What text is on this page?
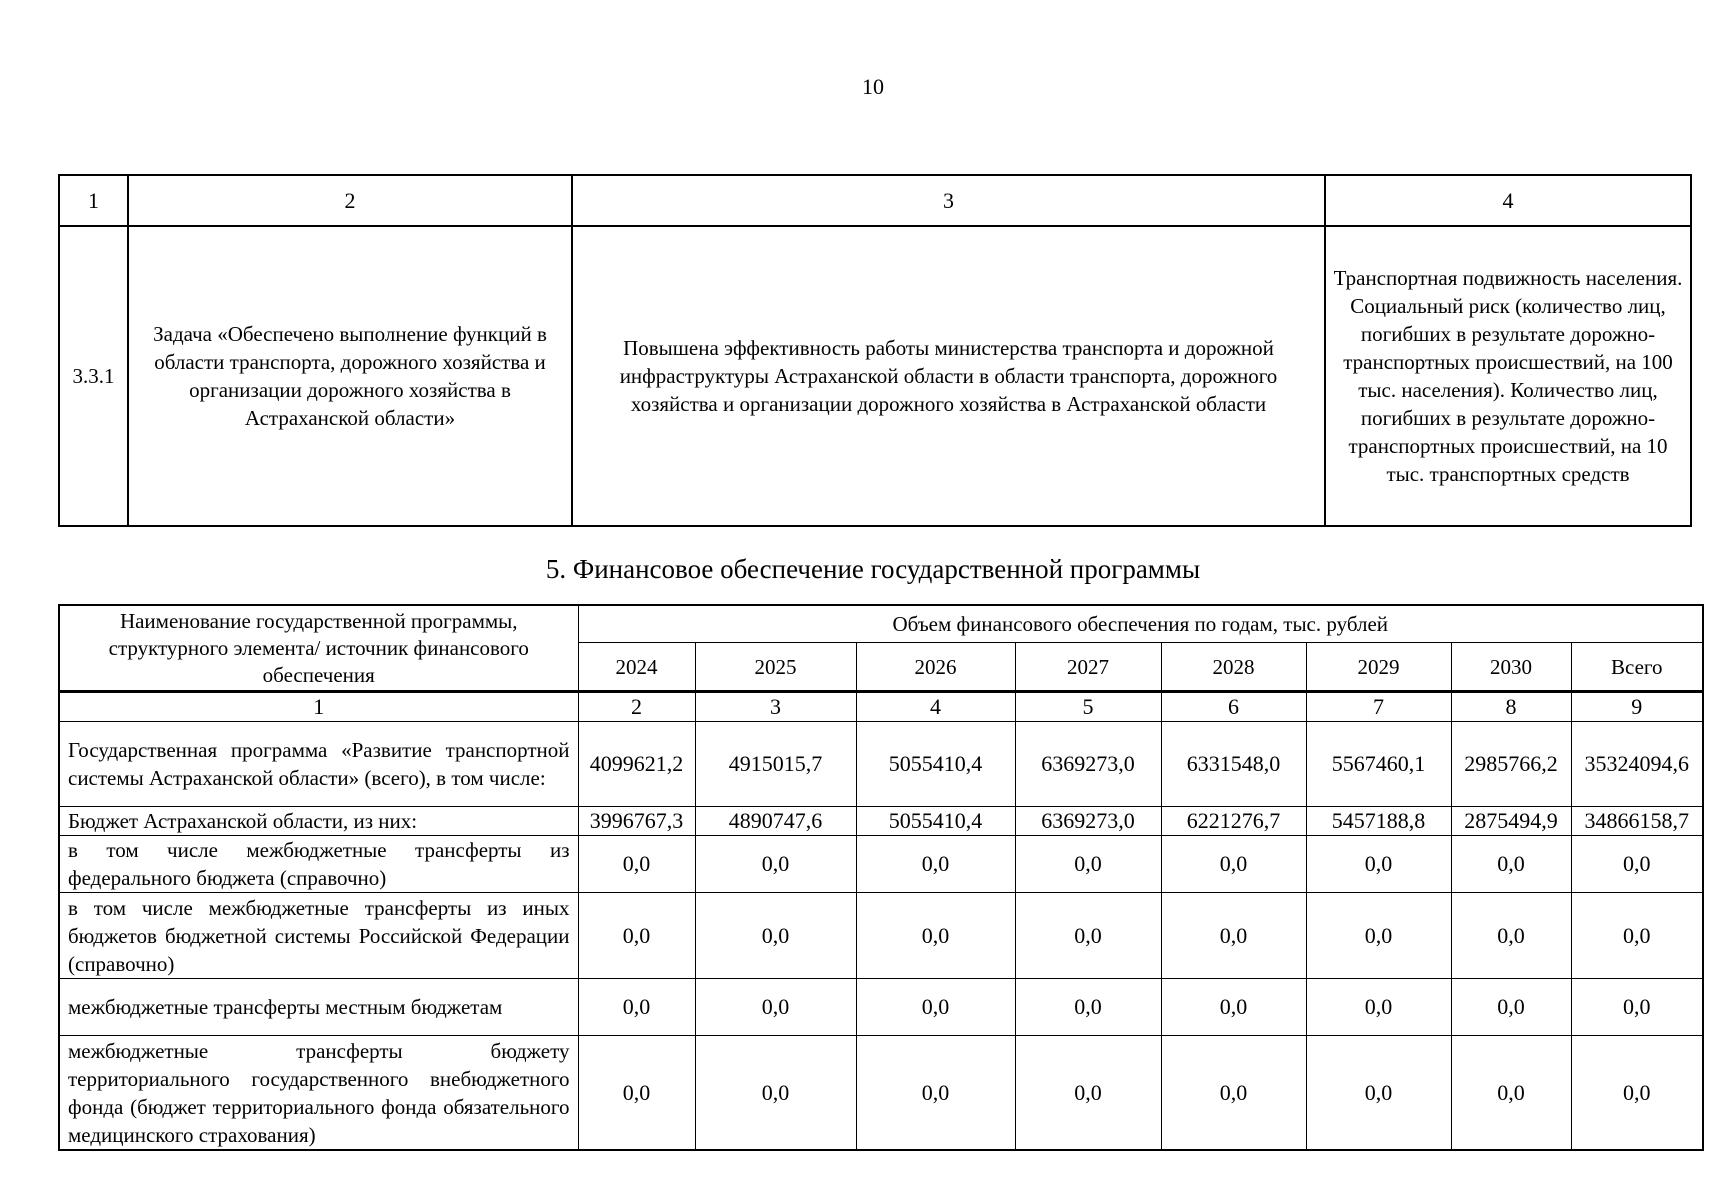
10
1	2	3	4
3.3.1	Задача «Обеспечено выполнение функций в области транспорта, дорожного хозяйства и организации дорожного хозяйства в Астраханской области»	Повышена эффективность работы министерства транспорта и дорожной инфраструктуры Астраханской области в области транспорта, дорожного хозяйства и организации дорожного хозяйства в Астраханской области	Транспортная подвижность населения. Социальный риск (количество лиц, погибших в результате дорожно-транспортных происшествий, на 100 тыс. населения). Количество лиц, погибших в результате дорожно-транспортных происшествий, на 10 тыс. транспортных средств
5. Финансовое обеспечение государственной программы
Наименование государственной программы, структурного элемента/ источник финансового обеспечения	Объем финансового обеспечения по годам, тыс. рублей							
	2024	2025	2026	2027	2028	2029	2030	Всего
1	2	3	4	5	6	7	8	9
Государственная программа «Развитие транспортной системы Астраханской области» (всего), в том числе:	4099621,2	4915015,7	5055410,4	6369273,0	6331548,0	5567460,1	2985766,2	35324094,6
Бюджет Астраханской области, из них:	3996767,3	4890747,6	5055410,4	6369273,0	6221276,7	5457188,8	2875494,9	34866158,7
в том числе межбюджетные трансферты из федерального бюджета (справочно)	0,0	0,0	0,0	0,0	0,0	0,0	0,0	0,0
в том числе межбюджетные трансферты из иных бюджетов бюджетной системы Российской Федерации (справочно)	0,0	0,0	0,0	0,0	0,0	0,0	0,0	0,0
межбюджетные трансферты местным бюджетам	0,0	0,0	0,0	0,0	0,0	0,0	0,0	0,0
межбюджетные трансферты бюджету территориального государственного внебюджетного фонда (бюджет территориального фонда обязательного медицинского страхования)	0,0	0,0	0,0	0,0	0,0	0,0	0,0	0,0
